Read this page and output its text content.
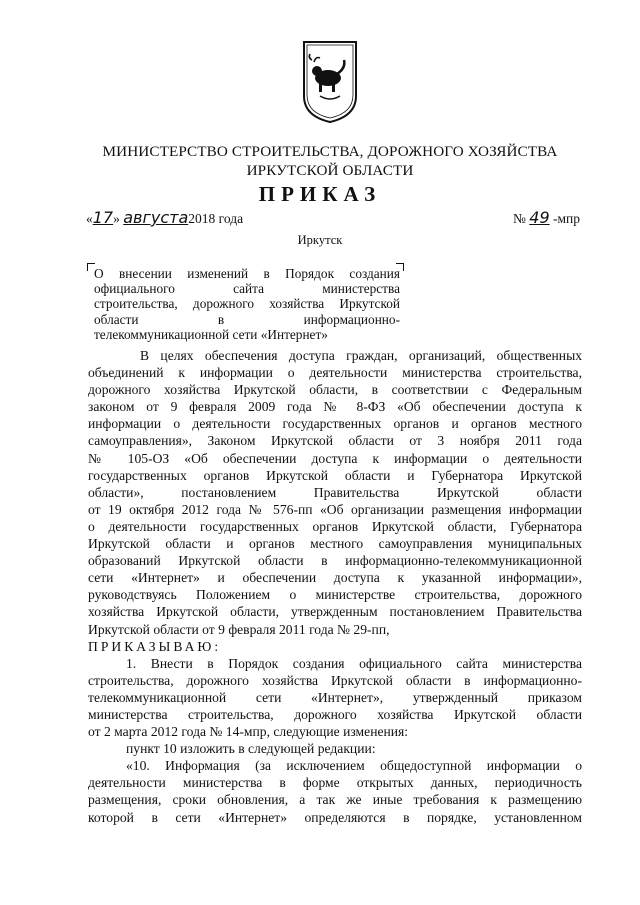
МИНИСТЕРСТВО СТРОИТЕЛЬСТВА, ДОРОЖНОГО ХОЗЯЙСТВА
ИРКУТСКОЙ ОБЛАСТИ
ПРИКАЗ
«17» августа2018 года	№ 49 -мпр
Иркутск

О внесении изменений в Порядок создания

официального сайта министерства

строительства, дорожного хозяйства Иркутской

области в информационно-

телекоммуникационной сети «Интернет»

В целях обеспечения доступа граждан, организаций, общественных

объединений к информации о деятельности министерства строительства,

дорожного хозяйства Иркутской области, в соответствии с Федеральным

законом от 9 февраля 2009 года № 8-ФЗ «Об обеспечении доступа к

информации о деятельности государственных органов и органов местного

самоуправления», Законом Иркутской области от 3 ноября 2011 года

№ 105-ОЗ «Об обеспечении доступа к информации о деятельности

государственных органов Иркутской области и Губернатора Иркутской

области», постановлением Правительства Иркутской области

от 19 октября 2012 года № 576-пп «Об организации размещения информации

о деятельности государственных органов Иркутской области, Губернатора

Иркутской области и органов местного самоуправления муниципальных

образований Иркутской области в информационно-телекоммуникационной

сети «Интернет» и обеспечении доступа к указанной информации»,

руководствуясь Положением о министерстве строительства, дорожного

хозяйства Иркутской области, утвержденным постановлением Правительства

Иркутской области от 9 февраля 2011 года № 29-пп,

ПРИКАЗЫВАЮ:

1. Внести в Порядок создания официального сайта министерства

строительства, дорожного хозяйства Иркутской области в информационно-

телекоммуникационной сети «Интернет», утвержденный приказом

министерства строительства, дорожного хозяйства Иркутской области

от 2 марта 2012 года № 14-мпр, следующие изменения:

пункт 10 изложить в следующей редакции:

«10. Информация (за исключением общедоступной информации о

деятельности министерства в форме открытых данных, периодичность

размещения, сроки обновления, а так же иные требования к размещению

которой в сети «Интернет» определяются в порядке, установленном
